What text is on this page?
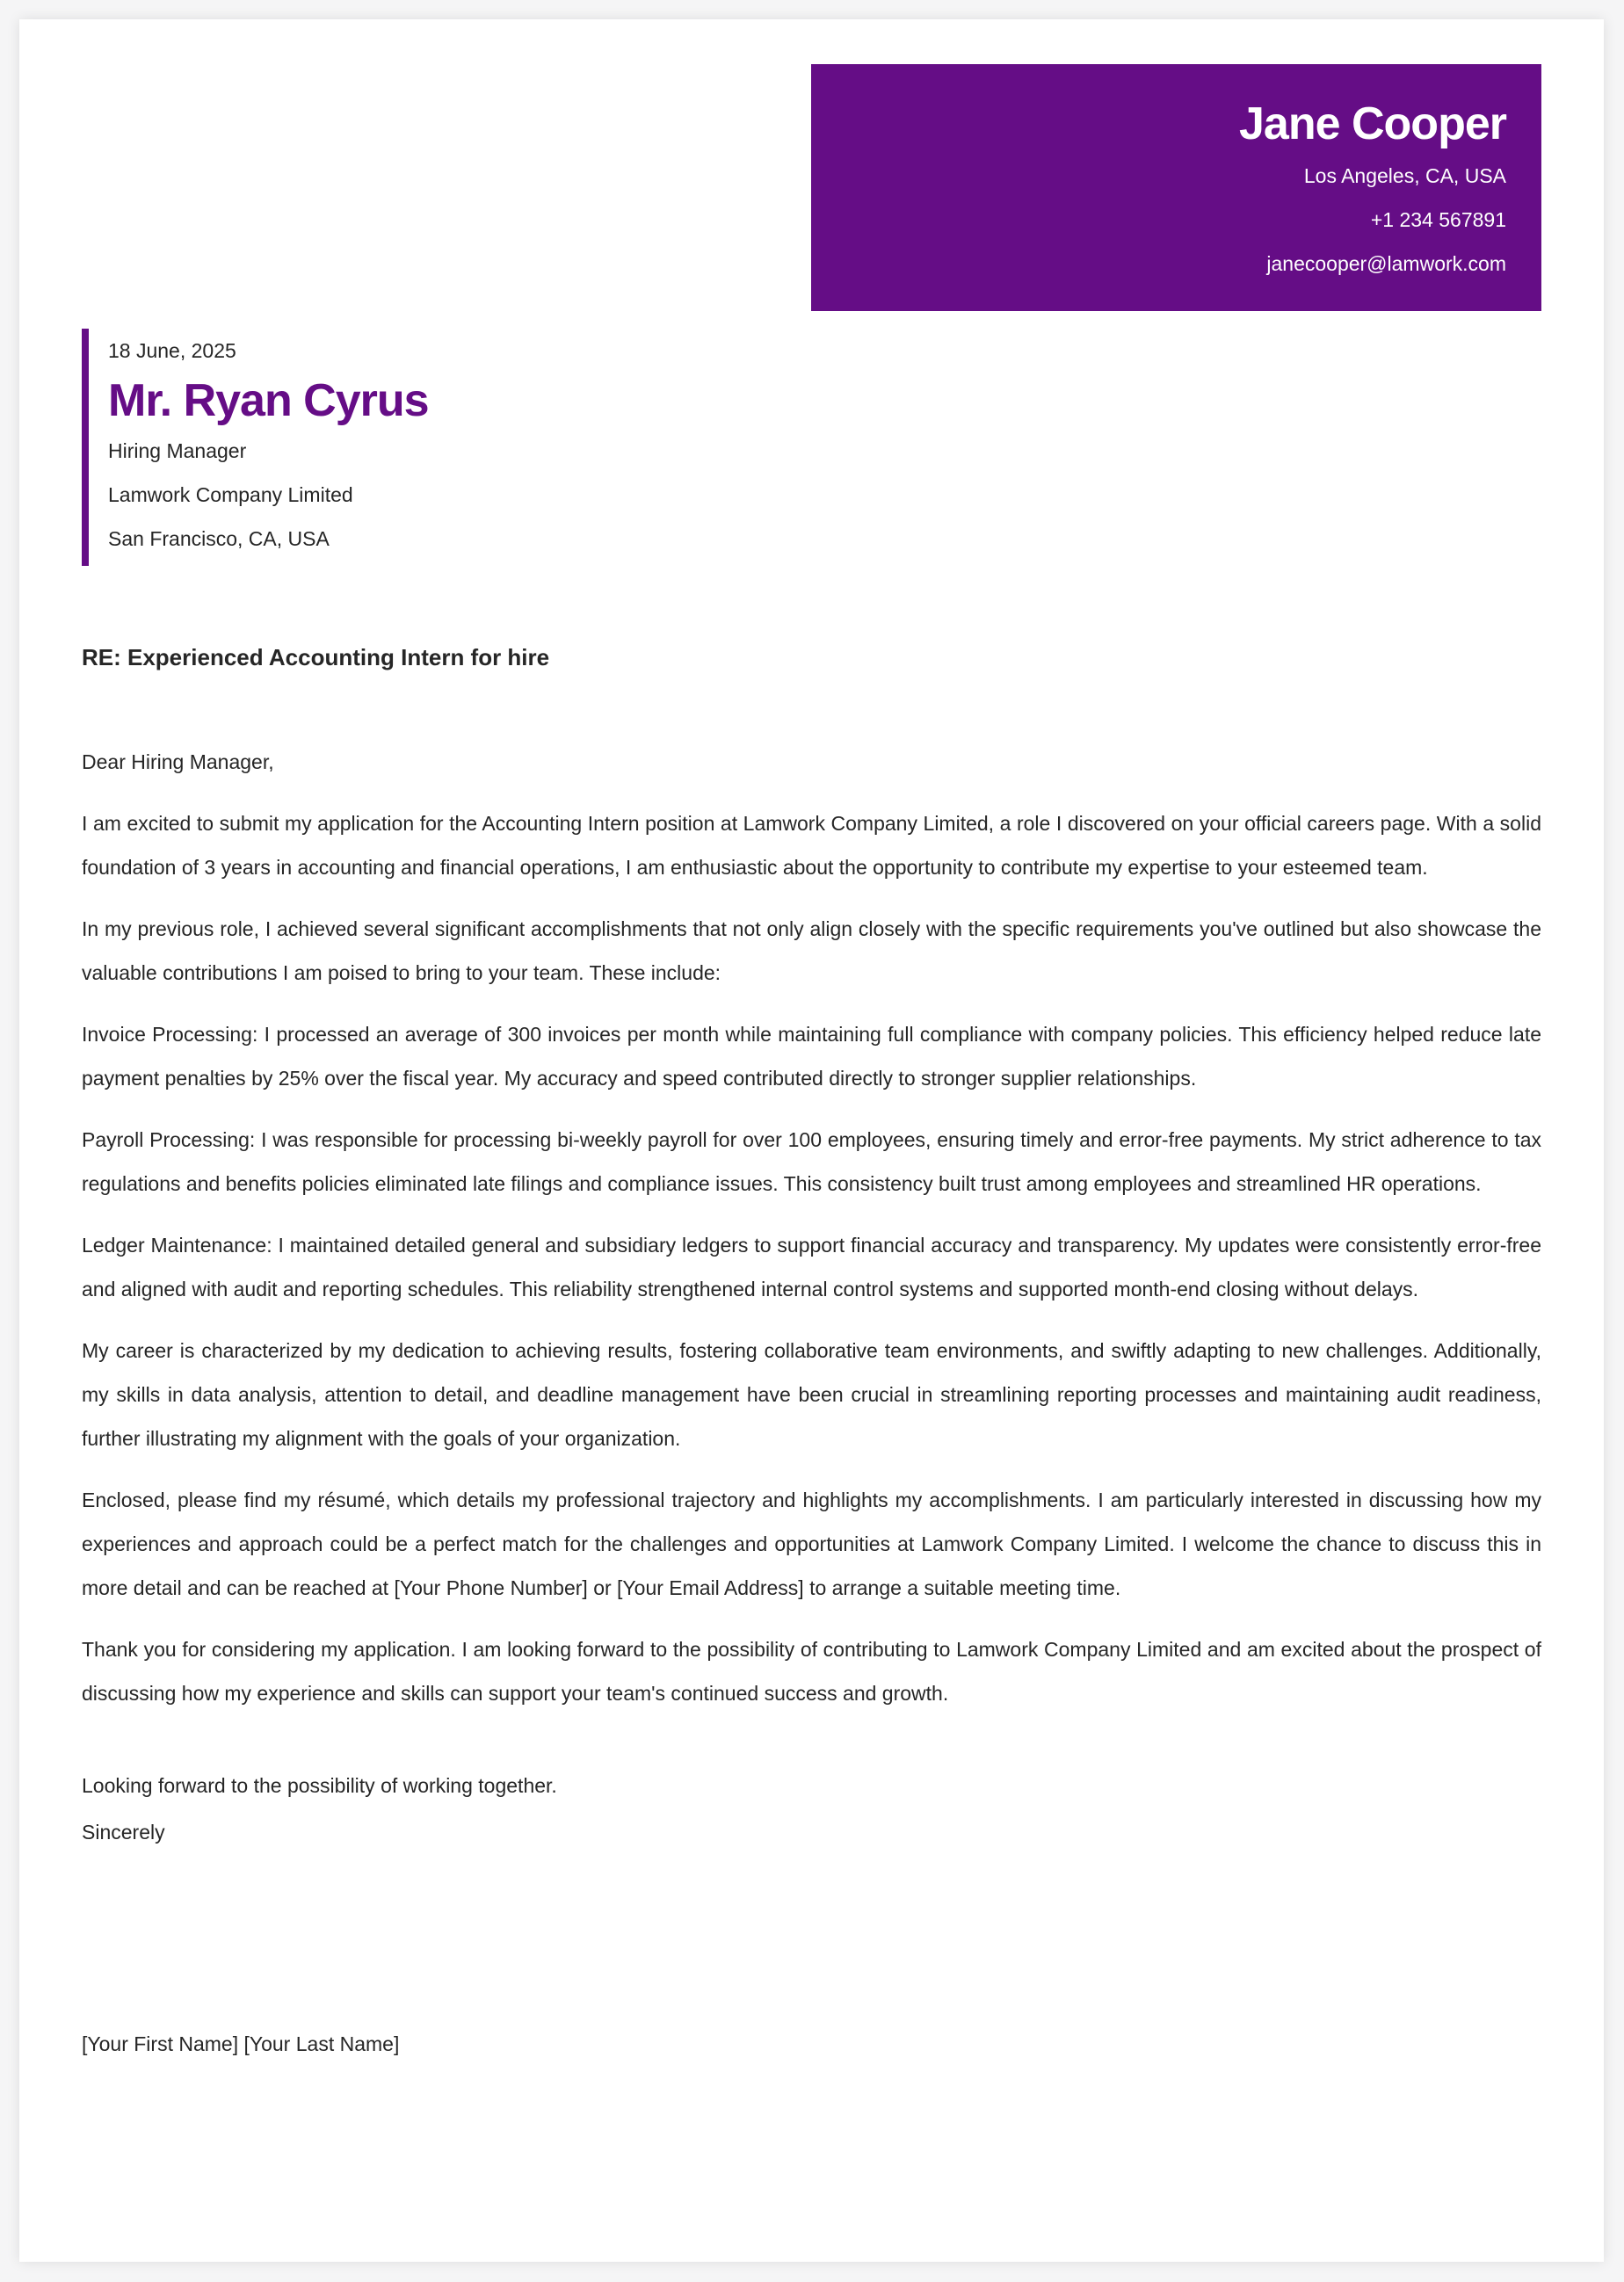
Jane Cooper
Los Angeles, CA, USA
+1 234 567891
janecooper@lamwork.com
18 June, 2025
Mr. Ryan Cyrus
Hiring Manager
Lamwork Company Limited
San Francisco, CA, USA
RE: Experienced Accounting Intern for hire

Dear Hiring Manager,

I am excited to submit my application for the Accounting Intern position at Lamwork Company Limited, a role I discovered on your official careers page. With a solid foundation of 3 years in accounting and financial operations, I am enthusiastic about the opportunity to contribute my expertise to your esteemed team.

In my previous role, I achieved several significant accomplishments that not only align closely with the specific requirements you've outlined but also showcase the valuable contributions I am poised to bring to your team. These include:

Invoice Processing: I processed an average of 300 invoices per month while maintaining full compliance with company policies. This efficiency helped reduce late payment penalties by 25% over the fiscal year. My accuracy and speed contributed directly to stronger supplier relationships.

Payroll Processing: I was responsible for processing bi-weekly payroll for over 100 employees, ensuring timely and error-free payments. My strict adherence to tax regulations and benefits policies eliminated late filings and compliance issues. This consistency built trust among employees and streamlined HR operations.

Ledger Maintenance: I maintained detailed general and subsidiary ledgers to support financial accuracy and transparency. My updates were consistently error-free and aligned with audit and reporting schedules. This reliability strengthened internal control systems and supported month-end closing without delays.

My career is characterized by my dedication to achieving results, fostering collaborative team environments, and swiftly adapting to new challenges. Additionally, my skills in data analysis, attention to detail, and deadline management have been crucial in streamlining reporting processes and maintaining audit readiness, further illustrating my alignment with the goals of your organization.

Enclosed, please find my résumé, which details my professional trajectory and highlights my accomplishments. I am particularly interested in discussing how my experiences and approach could be a perfect match for the challenges and opportunities at Lamwork Company Limited. I welcome the chance to discuss this in more detail and can be reached at [Your Phone Number] or [Your Email Address] to arrange a suitable meeting time.

Thank you for considering my application. I am looking forward to the possibility of contributing to Lamwork Company Limited and am excited about the prospect of discussing how my experience and skills can support your team's continued success and growth.

Looking forward to the possibility of working together.
Sincerely
[Your First Name] [Your Last Name]
